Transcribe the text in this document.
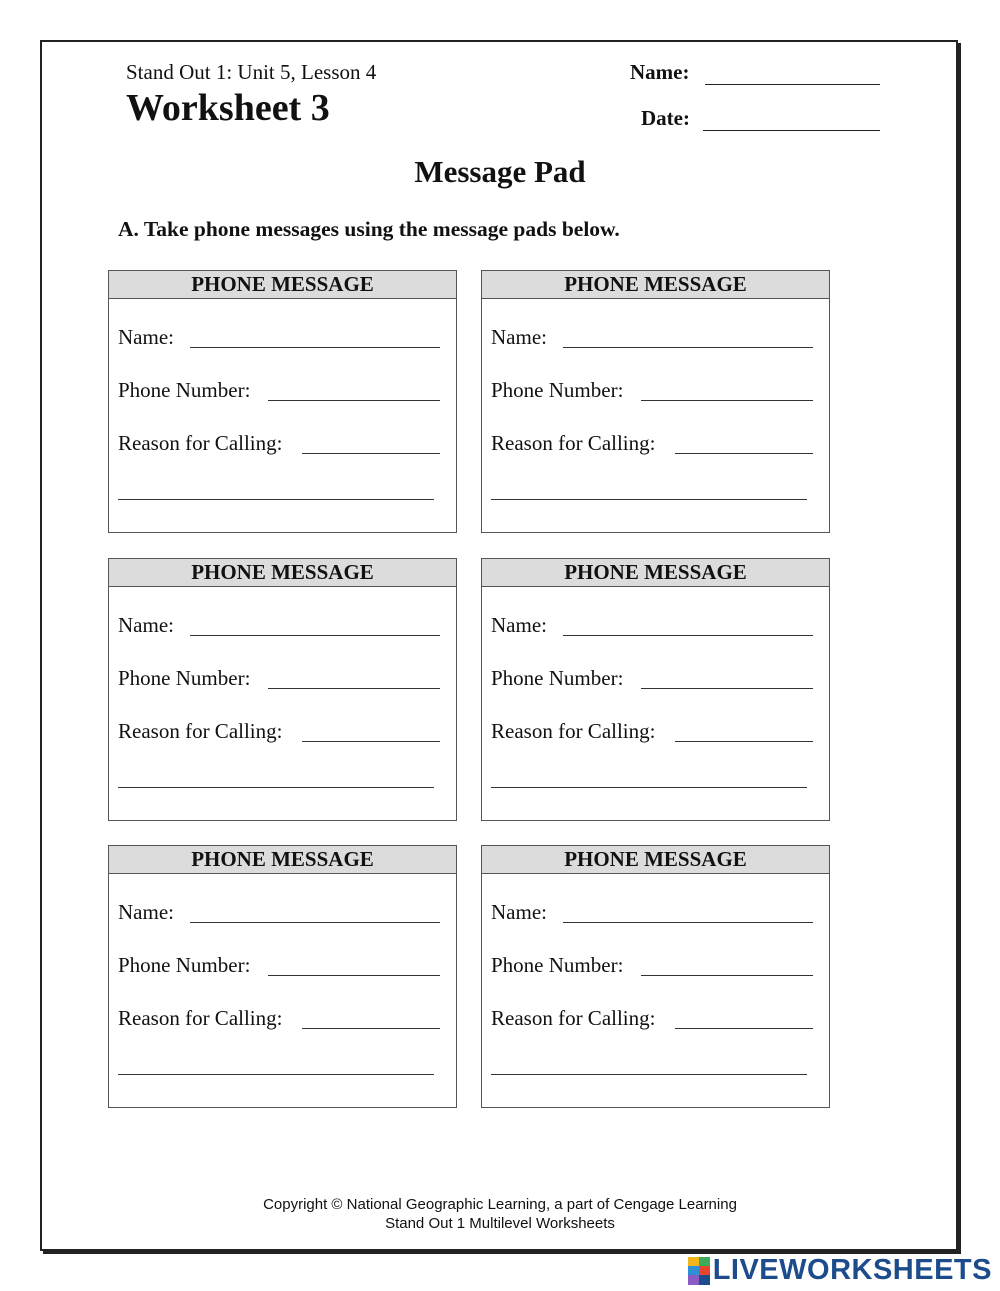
Stand Out 1: Unit 5, Lesson 4
Worksheet 3
Name:
Date:
Message Pad
A. Take phone messages using the message pads below.
PHONE MESSAGE
Name:
Phone Number:
Reason for Calling:
PHONE MESSAGE
Name:
Phone Number:
Reason for Calling:
PHONE MESSAGE
Name:
Phone Number:
Reason for Calling:
PHONE MESSAGE
Name:
Phone Number:
Reason for Calling:
PHONE MESSAGE
Name:
Phone Number:
Reason for Calling:
PHONE MESSAGE
Name:
Phone Number:
Reason for Calling:
Copyright © National Geographic Learning, a part of Cengage Learning
Stand Out 1 Multilevel Worksheets
LIVEWORKSHEETS
